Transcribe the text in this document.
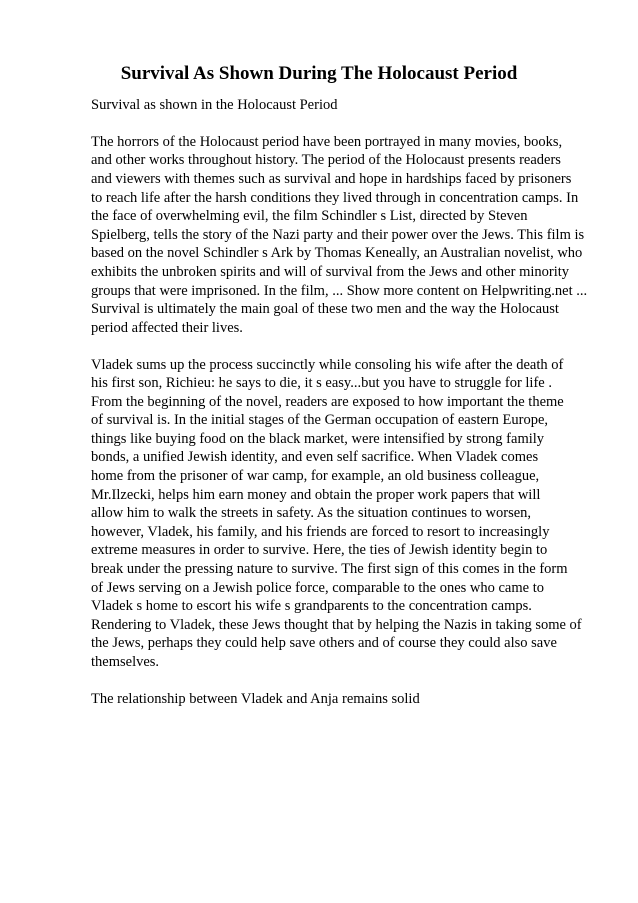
Survival As Shown During The Holocaust Period
Survival as shown in the Holocaust Period
The horrors of the Holocaust period have been portrayed in many movies, books,
and other works throughout history. The period of the Holocaust presents readers
and viewers with themes such as survival and hope in hardships faced by prisoners
to reach life after the harsh conditions they lived through in concentration camps. In
the face of overwhelming evil, the film Schindler s List, directed by Steven
Spielberg, tells the story of the Nazi party and their power over the Jews. This film is
based on the novel Schindler s Ark by Thomas Keneally, an Australian novelist, who
exhibits the unbroken spirits and will of survival from the Jews and other minority
groups that were imprisoned. In the film, ... Show more content on Helpwriting.net ...
Survival is ultimately the main goal of these two men and the way the Holocaust
period affected their lives.
Vladek sums up the process succinctly while consoling his wife after the death of
his first son, Richieu: he says to die, it s easy...but you have to struggle for life .
From the beginning of the novel, readers are exposed to how important the theme
of survival is. In the initial stages of the German occupation of eastern Europe,
things like buying food on the black market, were intensified by strong family
bonds, a unified Jewish identity, and even self sacrifice. When Vladek comes
home from the prisoner of war camp, for example, an old business colleague,
Mr.Ilzecki, helps him earn money and obtain the proper work papers that will
allow him to walk the streets in safety. As the situation continues to worsen,
however, Vladek, his family, and his friends are forced to resort to increasingly
extreme measures in order to survive. Here, the ties of Jewish identity begin to
break under the pressing nature to survive. The first sign of this comes in the form
of Jews serving on a Jewish police force, comparable to the ones who came to
Vladek s home to escort his wife s grandparents to the concentration camps.
Rendering to Vladek, these Jews thought that by helping the Nazis in taking some of
the Jews, perhaps they could help save others and of course they could also save
themselves.
The relationship between Vladek and Anja remains solid
